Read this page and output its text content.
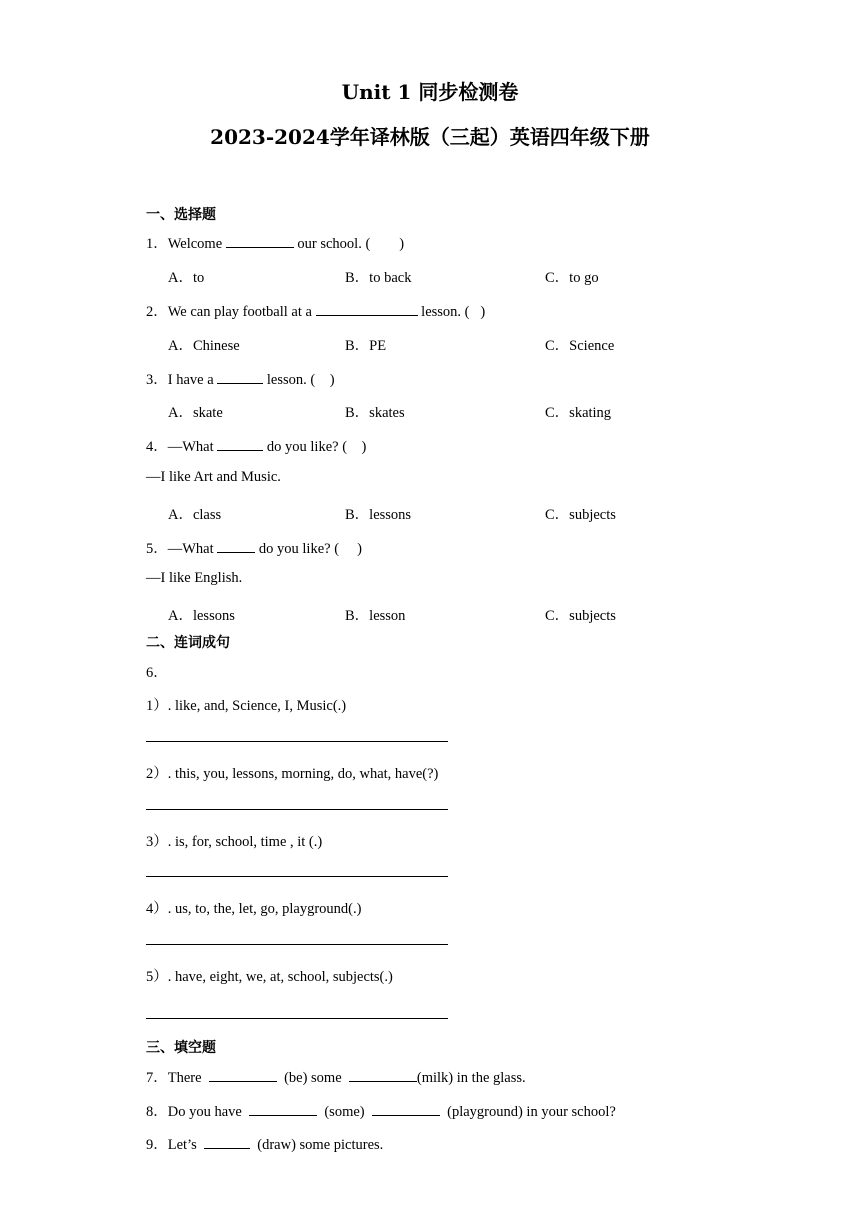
Unit 1 同步检测卷
2023-2024学年译林版（三起）英语四年级下册
一、选择题
1．Welcome	our school. (        )
A．to	B．to back	C．to go
2．We can play football at a	lesson. (   )
A．Chinese	B．PE	C．Science
3．I have a	lesson. (    )
A．skate	B．skates	C．skating
4．—What	do you like? (    )
—I like Art and Music.
A．class	B．lessons	C．subjects
5．—What	do you like? (     )
—I like English.
A．lessons	B．lesson	C．subjects
二、连词成句
6．
1）. like, and, Science, I, Music(.)
2）. this, you, lessons, morning, do, what, have(?)
3）. is, for, school, time , it (.)
4）. us, to, the, let, go, playground(.)
5）. have, eight, we, at, school, subjects(.)
三、填空题
7．There	(be) some	(milk) in the glass.
8．Do you have	(some)	(playground) in your school?
9．Let’s	(draw) some pictures.
